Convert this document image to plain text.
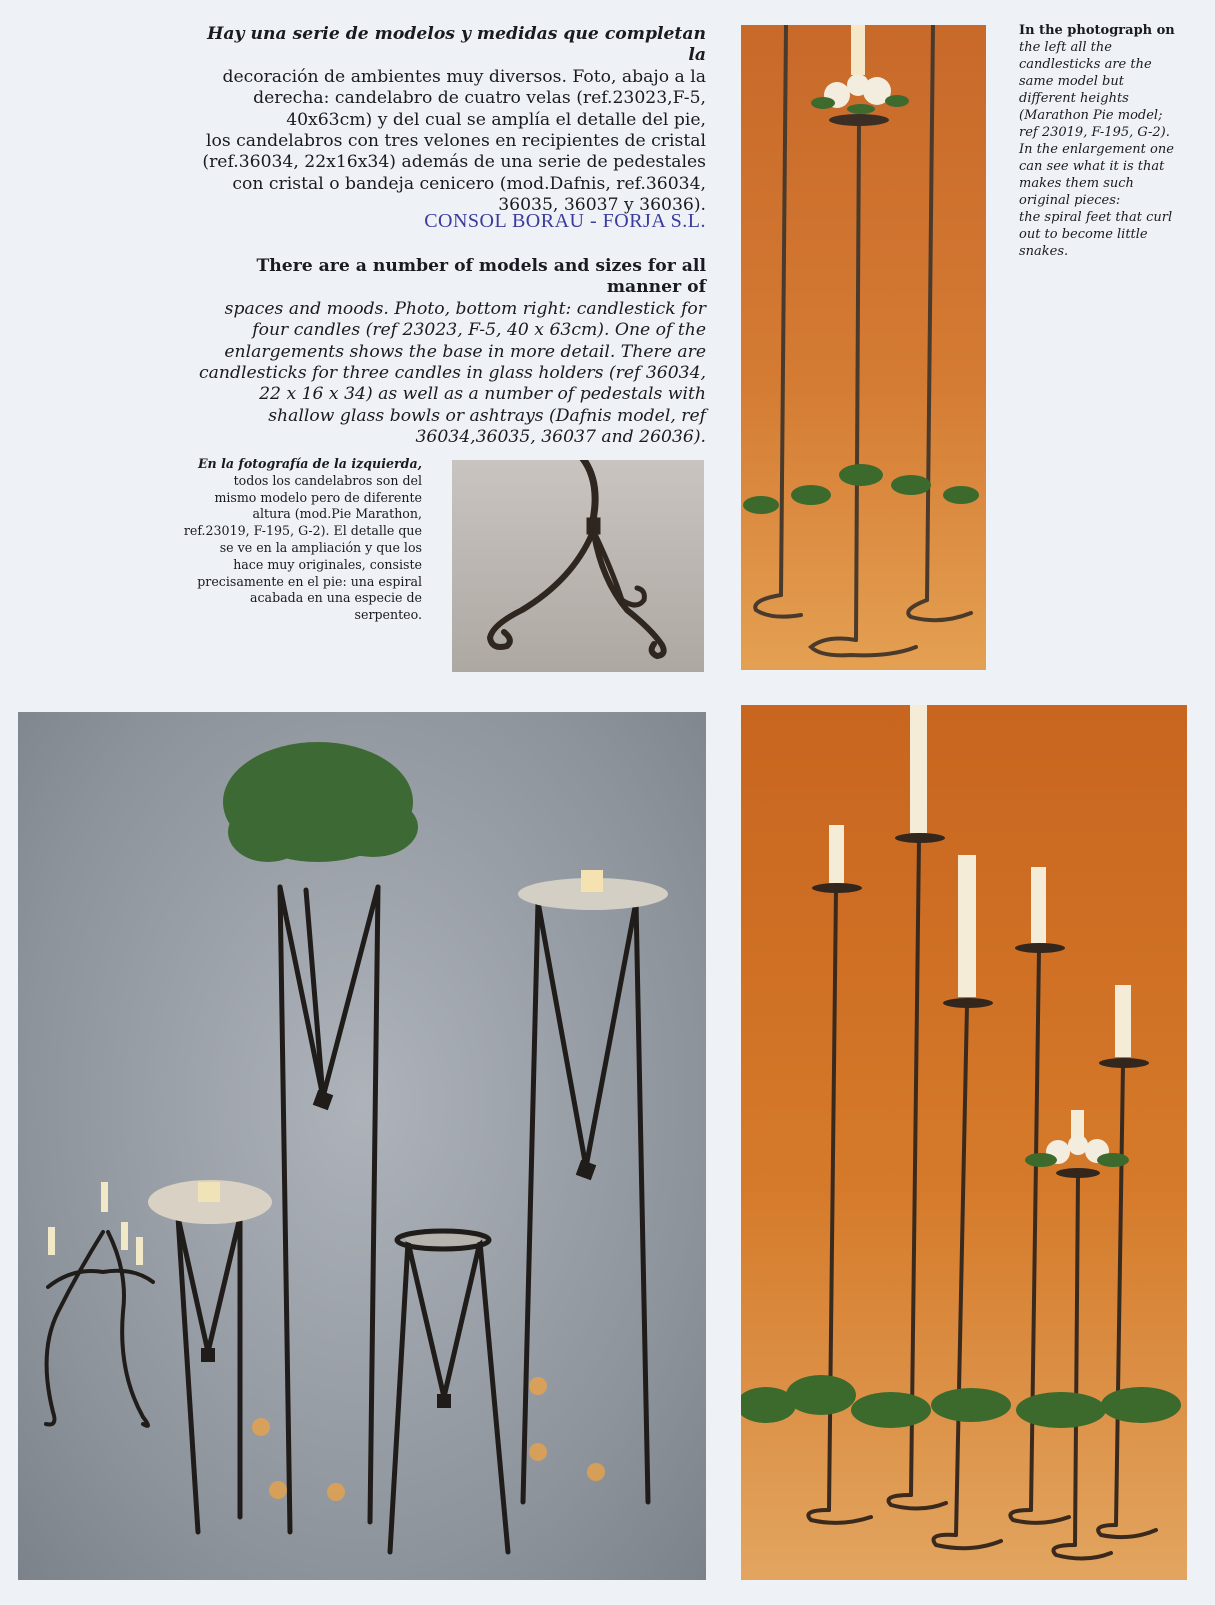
Hay una serie de modelos y medidas que completan la
decoración de ambientes muy diversos. Foto, abajo a la
derecha: candelabro de cuatro velas (ref.23023,F-5,
40x63cm) y del cual se amplía el detalle del pie,
los candelabros con tres velones en recipientes de cristal
(ref.36034, 22x16x34) además de una serie de pedestales
con cristal o bandeja cenicero (mod.Dafnis, ref.36034,
36035, 36037 y 36036).
CONSOL BORAU - FORJA S.L.
There are a number of models and sizes for all manner of
spaces and moods. Photo, bottom right: candlestick for
four candles (ref 23023, F-5, 40 x 63cm). One of the
enlargements shows the base in more detail. There are
candlesticks for three candles in glass holders (ref 36034,
22 x 16 x 34) as well as a number of pedestals with
shallow glass bowls or ashtrays (Dafnis model, ref
36034,36035, 36037 and 26036).
En la fotografía de la izquierda,
todos los candelabros son del
mismo modelo pero de diferente
altura (mod.Pie Marathon,
ref.23019, F-195, G-2). El detalle que
se ve en la ampliación y que los
hace muy originales, consiste
precisamente en el pie: una espiral
acabada en una especie de
serpenteo.
In the photograph on
the left all the
candlesticks are the
same model but
different heights
(Marathon Pie model;
ref 23019, F-195, G-2).
In the enlargement one
can see what it is that
makes them such
original pieces:
the spiral feet that curl
out to become little
snakes.
